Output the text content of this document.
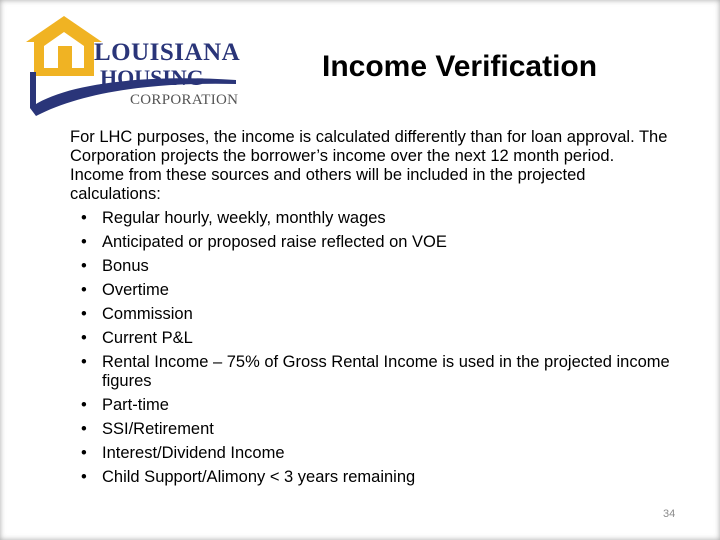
LOUISIANA
HOUSING
CORPORATION
Income Verification

For LHC purposes, the income is calculated differently than for loan approval. The Corporation projects the borrower’s income over the next 12 month period. Income from these sources and others will be included in the projected calculations:

• Regular hourly, weekly, monthly wages
• Anticipated or proposed raise reflected on VOE
• Bonus
• Overtime
• Commission
• Current P&L
• Rental Income – 75% of Gross Rental Income is used in the projected income figures
• Part-time
• SSI/Retirement
• Interest/Dividend Income
• Child Support/Alimony < 3 years remaining
34
